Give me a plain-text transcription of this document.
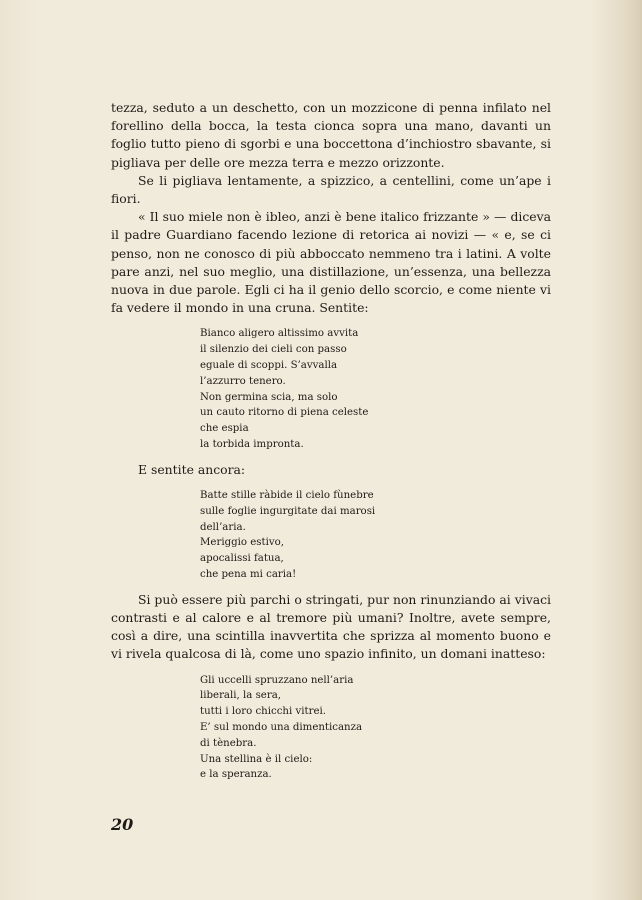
tezza, seduto a un deschetto, con un mozzicone di penna infilato nel forellino della bocca, la testa cionca sopra una mano, davanti un foglio tutto pieno di sgorbi e una boccettona d’inchiostro sbavante, si pigliava per delle ore mezza terra e mezzo orizzonte.

Se li pigliava lentamente, a spizzico, a centellini, come un’ape i fiori.

« Il suo miele non è ibleo, anzi è bene italico frizzante » — diceva il padre Guardiano facendo lezione di retorica ai novizi — « e, se ci penso, non ne conosco di più abboccato nemmeno tra i latini. A volte pare anzi, nel suo meglio, una distillazione, un’essenza, una bellezza nuova in due parole. Egli ci ha il genio dello scorcio, e come niente vi fa vedere il mondo in una cruna. Sentite:

Bianco aligero altissimo avvita
il silenzio dei cieli con passo
eguale di scoppi. S’avvalla
l’azzurro tenero.
Non germina scia, ma solo
un cauto ritorno di piena celeste
che espia
la torbida impronta.

E sentite ancora:

Batte stille ràbide il cielo fùnebre
sulle foglie ingurgitate dai marosi
dell’aria.
Meriggio estivo,
apocalissi fatua,
che pena mi caria!

Si può essere più parchi o stringati, pur non rinunziando ai vivaci contrasti e al calore e al tremore più umani? Inoltre, avete sempre, così a dire, una scintilla inavvertita che sprizza al momento buono e vi rivela qualcosa di là, come uno spazio infinito, un domani inatteso:

Gli uccelli spruzzano nell’aria
liberali, la sera,
tutti i loro chicchi vitrei.
E’ sul mondo una dimenticanza
di tènebra.
Una stellina è il cielo:
e la speranza.
20
